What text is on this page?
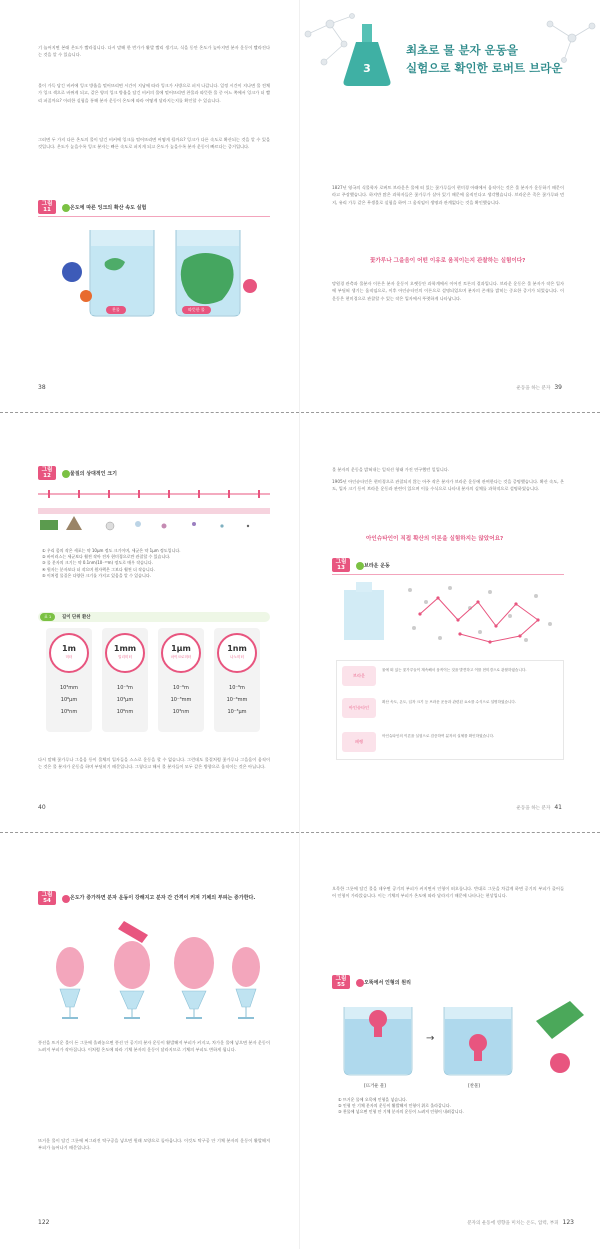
기 늘어지면 본래 온도가 빨라집니다. 다시 말해 한 번가가 활발 빨리 생기고, 식을 동안 온도가 높아지면 분자 운동이 빨라진다는 것을 알 수 있습니다.
물이 가득 담긴 비커에 잉크 방울을 떨어뜨리면 시간이 지남에 따라 잉크가 사방으로 퍼져 나갑니다. 일정 시간이 지나면 물 전체가 잉크 색으로 바뀌게 되고, 같은 양의 잉크 방울을 담긴 비커의 물에 떨어뜨리면 찬물과 따뜻한 물 중 어느 쪽에서 잉크가 더 빨리 퍼질까요? 이러한 실험을 통해 분자 운동이 온도에 따라 어떻게 달라지는지를 확인할 수 있습니다.
그러면 두 가지 다른 온도의 물이 담긴 비커에 잉크를 떨어뜨리면 어떻게 될까요? 잉크가 다른 속도로 확산되는 것을 알 수 있을 것입니다. 온도가 높을수록 잉크 분자는 빠른 속도로 퍼지게 되고 온도가 높을수록 분자 운동이 빠르다는 증거입니다.
그림
11	온도에 따른 잉크의 확산 속도 실험
찬물	따뜻한 물
38
3
최초로 물 분자 운동을
실험으로 확인한 로버트 브라운
1827년 영국의 식물학자 로버트 브라운은 물에 떠 있는 꽃가루들이 현미경 아래에서 움직이는 것은 물 분자가 운동하기 때문이라고 주장했습니다. 하지만 많은 과학자들은 꽃가루가 살아 있기 때문에 움직인다고 생각했습니다. 브라운은 죽은 꽃가루와 먼지, 유리 가루 같은 무생물로 실험을 하여 그 움직임이 생명과 관계없다는 것을 확인했습니다.
꽃가루나 그을음이 어떤 이유로 움직이는지 관찰하는 실험이다?
망원경 관측과 물분자 이론은 분자 운동이 오랫동안 과학계에서 이어진 토론의 결과입니다. 브라운 운동은 물 분자가 작은 입자에 부딪혀 생기는 움직임으로, 이후 아인슈타인의 이론으로 설명되었으며 분자의 존재를 밝히는 중요한 증거가 되었습니다. 이 운동은 현미경으로 관찰할 수 있는 작은 입자에서 뚜렷하게 나타납니다.
운동을 하는 분자 39
그림
12	물질의 상대적인 크기
① 우리 몸의 작은 세포는 약 10μm 정도 크기이며, 세균은 약 1μm 정도입니다.
② 바이러스는 세균보다 훨씬 작아 전자 현미경으로만 관찰할 수 있습니다.
③ 물 분자의 크기는 약 0.1nm(10⁻¹⁰m) 정도로 매우 작습니다.
④ 원자는 분자보다 더 작으며 원자핵은 그보다 훨씬 더 작습니다.
⑤ 이처럼 물질은 다양한 크기를 가지고 있음을 알 수 있습니다.
표 1	길이 단위 환산
1m
미터
10³mm
10⁶μm
10⁹nm
1mm
밀리미터
10⁻³m
10³μm
10⁶nm
1μm
마이크로미터
10⁻⁶m
10⁻³mm
10³nm
1nm
나노미터
10⁻⁹m
10⁻⁶mm
10⁻³μm
다시 말해 꽃가루나 그을음 등이 물체의 입자들을 스스로 운동을 할 수 없습니다. 그런데도 물결처럼 꽃가루나 그을음이 움직이는 것은 물 분자가 운동을 하며 부딪히기 때문입니다. 그렇다고 해서 물 분자들이 모두 같은 방향으로 움직이는 것은 아닙니다.
40
물 분자의 운동을 밝혀내는 일직선 형태 가진 연구했던 일입니다.
1905년 아인슈타인은 현미경으로 관찰되지 않는 아주 작은 분자가 브라운 운동에 관여한다는 것을 증명했습니다. 확산 속도, 온도, 입자 크기 등이 브라운 운동과 관련이 있으며 이를 수식으로 나타내 분자의 실체를 과학적으로 설명하였습니다.
아인슈타인이 직접 확산의 이론을 실험하지는 않았어요?
그림
13	브라운 운동
브라운
물에 떠 있는 꽃가루들이 계속해서 움직이는 것을 발견하고 이를 현미경으로 관찰하였습니다.
아인슈타인
확산 속도, 온도, 입자 크기 등 브라운 운동과 관련된 요소를 수식으로 설명하였습니다.
페랭
아인슈타인의 이론을 실험으로 검증하여 분자의 실체를 확인하였습니다.
운동을 하는 분자 41
그림
54
온도가 증가하면 분자 운동이 강해지고 분자 간 간격이 커져 기체의 부피는 증가한다.
풍선을 뜨거운 물이 든 그릇에 올려놓으면 풍선 안 공기의 분자 운동이 활발해져 부피가 커지고, 차가운 물에 넣으면 분자 운동이 느려져 부피가 작아집니다. 이처럼 온도에 따라 기체 분자의 운동이 달라지므로 기체의 부피도 변하게 됩니다.
뜨거운 물이 담긴 그릇에 찌그러진 탁구공을 넣으면 원래 모양으로 돌아옵니다. 이것도 탁구공 안 기체 분자의 운동이 활발해져 부피가 늘어나기 때문입니다.
122
오목한 그릇에 담긴 물을 데우면 공기의 부피가 커지면서 인형이 떠오릅니다. 반대로 그릇을 차갑게 하면 공기의 부피가 줄어들어 인형이 가라앉습니다. 이는 기체의 부피가 온도에 따라 달라지기 때문에 나타나는 현상입니다.
그림
55	오뚝에서 인형의 원리
→
[뜨거운 물]	[찬물]
① 뜨거운 물에 오목에 인형을 넣습니다.
② 인형 안 기체 분자의 운동이 활발해져 인형이 위로 올라갑니다.
③ 찬물에 넣으면 인형 안 기체 분자의 운동이 느려져 인형이 내려갑니다.
분자의 운동에 영향을 미치는 온도, 압력, 부피 123
